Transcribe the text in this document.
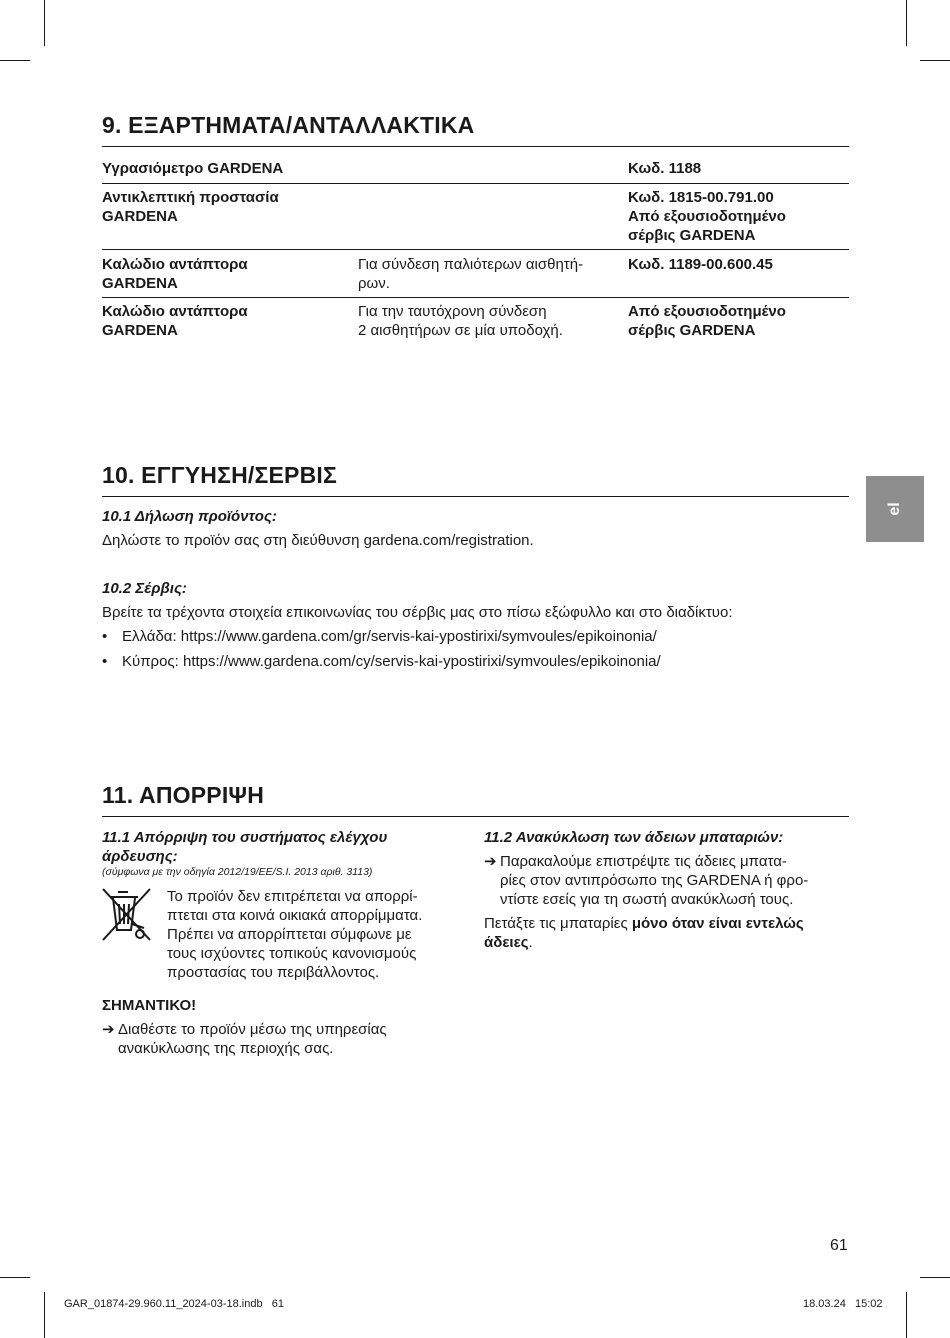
el
9. ΕΞΑΡΤΗΜΑΤΑ/ΑΝΤΑΛΛΑΚΤΙΚΑ
Υγρασιόμετρο GARDENA	Κωδ. 1188
Αντικλεπτική προστασία
GARDENA
Κωδ. 1815-00.791.00
Από εξουσιοδοτημένο
σέρβις GARDENA
Καλώδιο αντάπτορα
GARDENA
Για σύνδεση παλιότερων αισθητή-
ρων.
Κωδ. 1189-00.600.45
Καλώδιο αντάπτορα
GARDENA
Για την ταυτόχρονη σύνδεση
2 αισθητήρων σε μία υποδοχή.
Από εξουσιοδοτημένο
σέρβις GARDENA
10. ΕΓΓΥΗΣΗ/ΣΕΡΒΙΣ
10.1 Δήλωση προϊόντος:
Δηλώστε το προϊόν σας στη διεύθυνση gardena.com/registration.
10.2 Σέρβις:
Βρείτε τα τρέχοντα στοιχεία επικοινωνίας του σέρβις μας στο πίσω εξώφυλλο και στο διαδίκτυο:
• Ελλάδα: https://www.gardena.com/gr/servis-kai-ypostirixi/symvoules/epikoinonia/
• Κύπρος: https://www.gardena.com/cy/servis-kai-ypostirixi/symvoules/epikoinonia/
11. ΑΠΟΡΡΙΨΗ
11.1 Απόρριψη του συστήματος ελέγχου
άρδευσης:
(σύμφωνα με την οδηγία 2012/19/ΕΕ/S.I. 2013 αριθ. 3113)
Το προϊόν δεν επιτρέπεται να απορρί-
πτεται στα κοινά οικιακά απορρίμματα.
Πρέπει να απορρίπτεται σύμφωνε με
τους ισχύοντες τοπικούς κανονισμούς
προστασίας του περιβάλλοντος.
ΣΗΜΑΝΤΙΚΟ!
➔ Διαθέστε το προϊόν μέσω της υπηρεσίας
ανακύκλωσης της περιοχής σας.
11.2 Ανακύκλωση των άδειων μπαταριών:
➔ Παρακαλούμε επιστρέψτε τις άδειες μπατα-
ρίες στον αντιπρόσωπο της GARDENA ή φρο-
ντίστε εσείς για τη σωστή ανακύκλωσή τους.
Πετάξτε τις μπαταρίες μόνο όταν είναι εντελώς
άδειες.
61
GAR_01874-29.960.11_2024-03-18.indb   61	18.03.24   15:02
